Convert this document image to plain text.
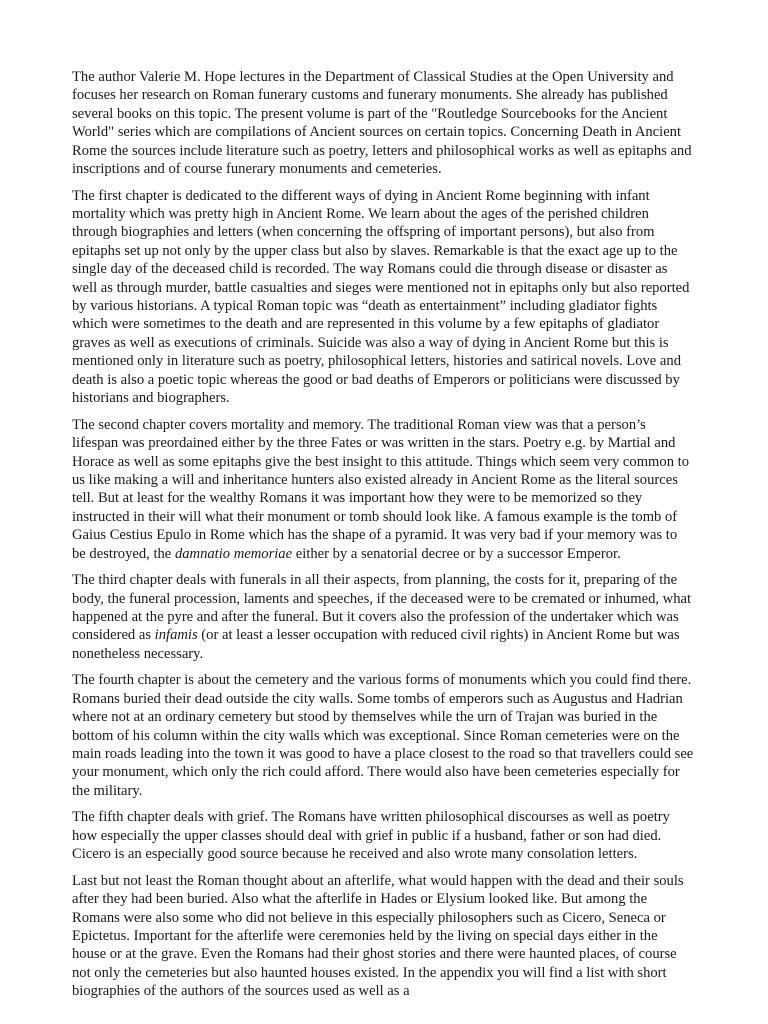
The author Valerie M. Hope lectures in the Department of Classical Studies at the Open University and focuses her research on Roman funerary customs and funerary monuments. She already has published several books on this topic. The present volume is part of the "Routledge Sourcebooks for the Ancient World" series which are compilations of Ancient sources on certain topics. Concerning Death in Ancient Rome the sources include literature such as poetry, letters and philosophical works as well as epitaphs and inscriptions and of course funerary monuments and cemeteries.

The first chapter is dedicated to the different ways of dying in Ancient Rome beginning with infant mortality which was pretty high in Ancient Rome. We learn about the ages of the perished children through biographies and letters (when concerning the offspring of important persons), but also from epitaphs set up not only by the upper class but also by slaves. Remarkable is that the exact age up to the single day of the deceased child is recorded. The way Romans could die through disease or disaster as well as through murder, battle casualties and sieges were mentioned not in epitaphs only but also reported by various historians. A typical Roman topic was “death as entertainment” including gladiator fights which were sometimes to the death and are represented in this volume by a few epitaphs of gladiator graves as well as executions of criminals. Suicide was also a way of dying in Ancient Rome but this is mentioned only in literature such as poetry, philosophical letters, histories and satirical novels. Love and death is also a poetic topic whereas the good or bad deaths of Emperors or politicians were discussed by historians and biographers.

The second chapter covers mortality and memory. The traditional Roman view was that a person’s lifespan was preordained either by the three Fates or was written in the stars. Poetry e.g. by Martial and Horace as well as some epitaphs give the best insight to this attitude. Things which seem very common to us like making a will and inheritance hunters also existed already in Ancient Rome as the literal sources tell. But at least for the wealthy Romans it was important how they were to be memorized so they instructed in their will what their monument or tomb should look like. A famous example is the tomb of Gaius Cestius Epulo in Rome which has the shape of a pyramid. It was very bad if your memory was to be destroyed, the damnatio memoriae either by a senatorial decree or by a successor Emperor.

The third chapter deals with funerals in all their aspects, from planning, the costs for it, preparing of the body, the funeral procession, laments and speeches, if the deceased were to be cremated or inhumed, what happened at the pyre and after the funeral. But it covers also the profession of the undertaker which was considered as infamis (or at least a lesser occupation with reduced civil rights) in Ancient Rome but was nonetheless necessary.

The fourth chapter is about the cemetery and the various forms of monuments which you could find there. Romans buried their dead outside the city walls. Some tombs of emperors such as Augustus and Hadrian where not at an ordinary cemetery but stood by themselves while the urn of Trajan was buried in the bottom of his column within the city walls which was exceptional. Since Roman cemeteries were on the main roads leading into the town it was good to have a place closest to the road so that travellers could see your monument, which only the rich could afford. There would also have been cemeteries especially for the military.

The fifth chapter deals with grief. The Romans have written philosophical discourses as well as poetry how especially the upper classes should deal with grief in public if a husband, father or son had died. Cicero is an especially good source because he received and also wrote many consolation letters.

Last but not least the Roman thought about an afterlife, what would happen with the dead and their souls after they had been buried. Also what the afterlife in Hades or Elysium looked like. But among the Romans were also some who did not believe in this especially philosophers such as Cicero, Seneca or Epictetus. Important for the afterlife were ceremonies held by the living on special days either in the house or at the grave. Even the Romans had their ghost stories and there were haunted places, of course not only the cemeteries but also haunted houses existed. In the appendix you will find a list with short biographies of the authors of the sources used as well as a
